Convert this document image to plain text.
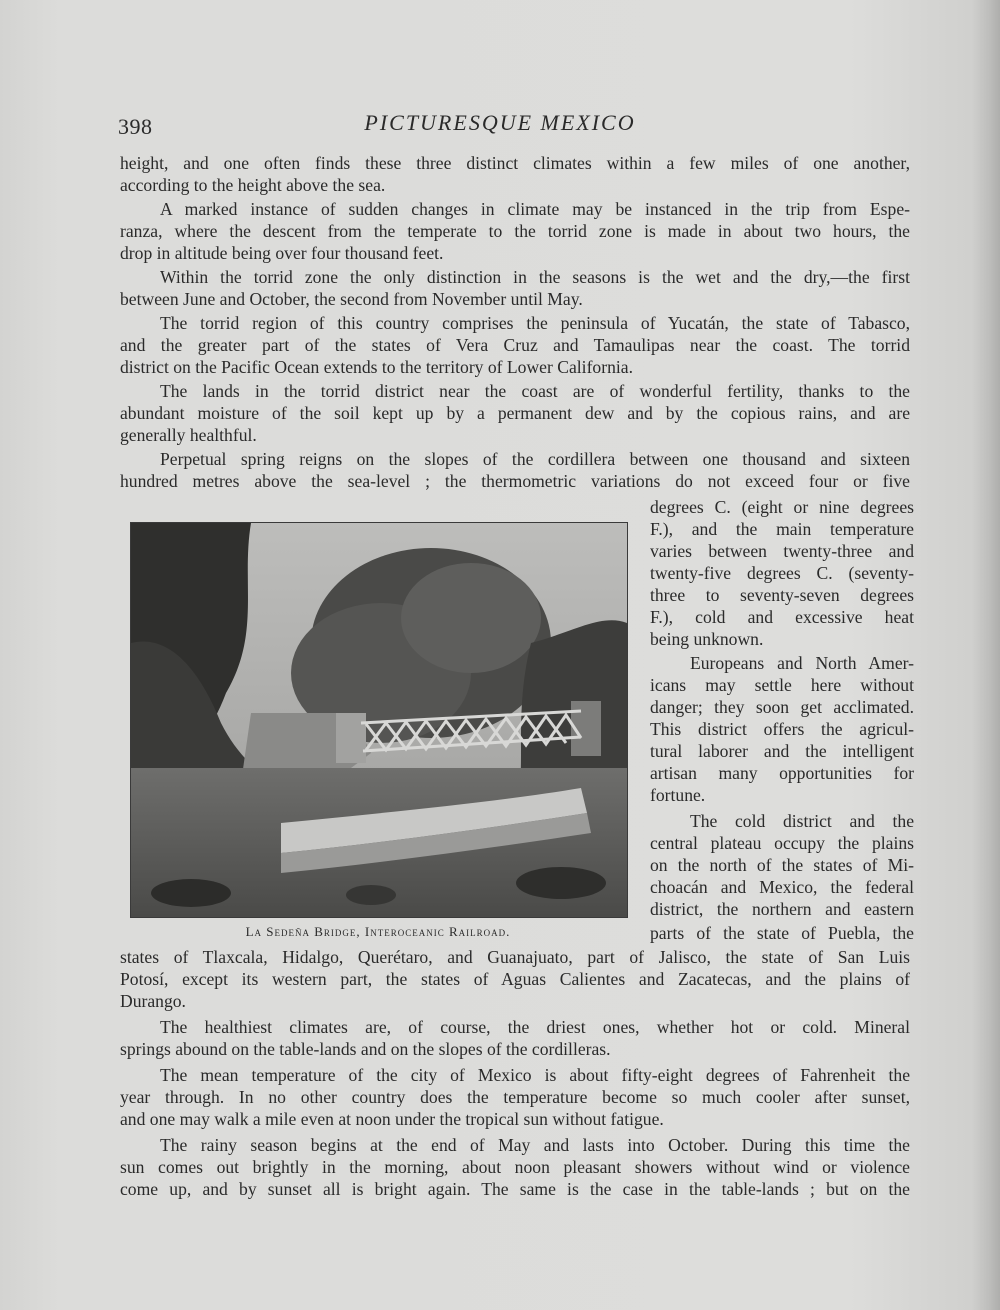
398	PICTURESQUE MEXICO
height, and one often finds these three distinct climates within a few miles of one another,
according to the height above the sea.
A marked instance of sudden changes in climate may be instanced in the trip from Espe-
ranza, where the descent from the temperate to the torrid zone is made in about two hours, the
drop in altitude being over four thousand feet.
Within the torrid zone the only distinction in the seasons is the wet and the dry,—the first
between June and October, the second from November until May.
The torrid region of this country comprises the peninsula of Yucatán, the state of Tabasco,
and the greater part of the states of Vera Cruz and Tamaulipas near the coast. The torrid
district on the Pacific Ocean extends to the territory of Lower California.
The lands in the torrid district near the coast are of wonderful fertility, thanks to the
abundant moisture of the soil kept up by a permanent dew and by the copious rains, and are
generally healthful.
Perpetual spring reigns on the slopes of the cordillera between one thousand and sixteen
hundred metres above the sea-level ; the thermometric variations do not exceed four or five
La Sedeña Bridge, Interoceanic Railroad.
degrees C. (eight or nine degrees
F.), and the main temperature
varies between twenty-three and
twenty-five degrees C. (seventy-
three to seventy-seven degrees
F.), cold and excessive heat
being unknown.
Europeans and North Amer-
icans may settle here without
danger; they soon get acclimated.
This district offers the agricul-
tural laborer and the intelligent
artisan many opportunities for
fortune.
The cold district and the
central plateau occupy the plains
on the north of the states of Mi-
choacán and Mexico, the federal
district, the northern and eastern
parts of the state of Puebla, the
states of Tlaxcala, Hidalgo, Querétaro, and Guanajuato, part of Jalisco, the state of San Luis
Potosí, except its western part, the states of Aguas Calientes and Zacatecas, and the plains of
Durango.
The healthiest climates are, of course, the driest ones, whether hot or cold. Mineral
springs abound on the table-lands and on the slopes of the cordilleras.
The mean temperature of the city of Mexico is about fifty-eight degrees of Fahrenheit the
year through. In no other country does the temperature become so much cooler after sunset,
and one may walk a mile even at noon under the tropical sun without fatigue.
The rainy season begins at the end of May and lasts into October. During this time the
sun comes out brightly in the morning, about noon pleasant showers without wind or violence
come up, and by sunset all is bright again. The same is the case in the table-lands ; but on the
